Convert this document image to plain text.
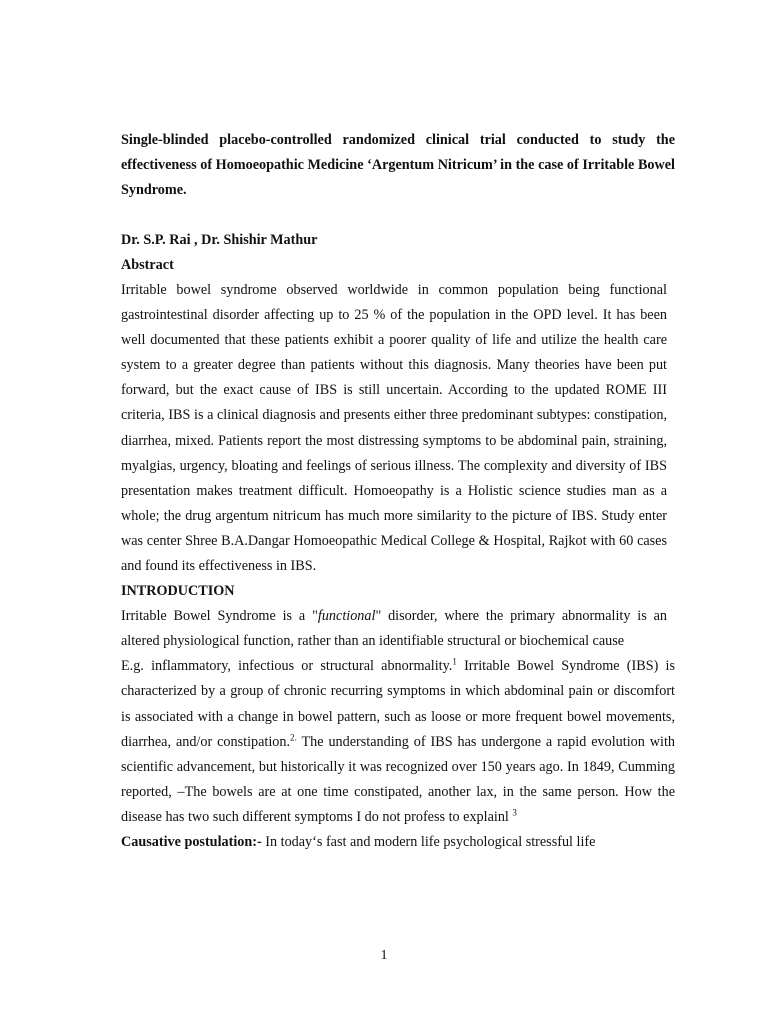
Single-blinded placebo-controlled randomized clinical trial conducted to study the effectiveness of Homoeopathic Medicine ‘Argentum Nitricum’ in the case of Irritable Bowel Syndrome.

Dr. S.P. Rai , Dr. Shishir Mathur

Abstract

Irritable bowel syndrome observed worldwide in common population being functional gastrointestinal disorder affecting up to 25 % of the population in the OPD level. It has been well documented that these patients exhibit a poorer quality of life and utilize the health care system to a greater degree than patients without this diagnosis. Many theories have been put forward, but the exact cause of IBS is still uncertain. According to the updated ROME III criteria, IBS is a clinical diagnosis and presents either three predominant subtypes: constipation, diarrhea, mixed. Patients report the most distressing symptoms to be abdominal pain, straining, myalgias, urgency, bloating and feelings of serious illness. The complexity and diversity of IBS presentation makes treatment difficult. Homoeopathy is a Holistic science studies man as a whole; the drug argentum nitricum has much more similarity to the picture of IBS. Study enter was center Shree B.A.Dangar Homoeopathic Medical College & Hospital, Rajkot with 60 cases and found its effectiveness in IBS.

INTRODUCTION

Irritable Bowel Syndrome is a "functional" disorder, where the primary abnormality is an altered physiological function, rather than an identifiable structural or biochemical cause

E.g. inflammatory, infectious or structural abnormality.$^1$ Irritable Bowel Syndrome (IBS) is characterized by a group of chronic recurring symptoms in which abdominal pain or discomfort is associated with a change in bowel pattern, such as loose or more frequent bowel movements, diarrhea, and/or constipation.$^{2.}$ The understanding of IBS has undergone a rapid evolution with scientific advancement, but historically it was recognized over 150 years ago. In 1849, Cumming reported, –The bowels are at one time constipated, another lax, in the same person. How the disease has two such different symptoms I do not profess to explainl $^3$

Causative postulation:- In today‘s fast and modern life psychological stressful life

1
